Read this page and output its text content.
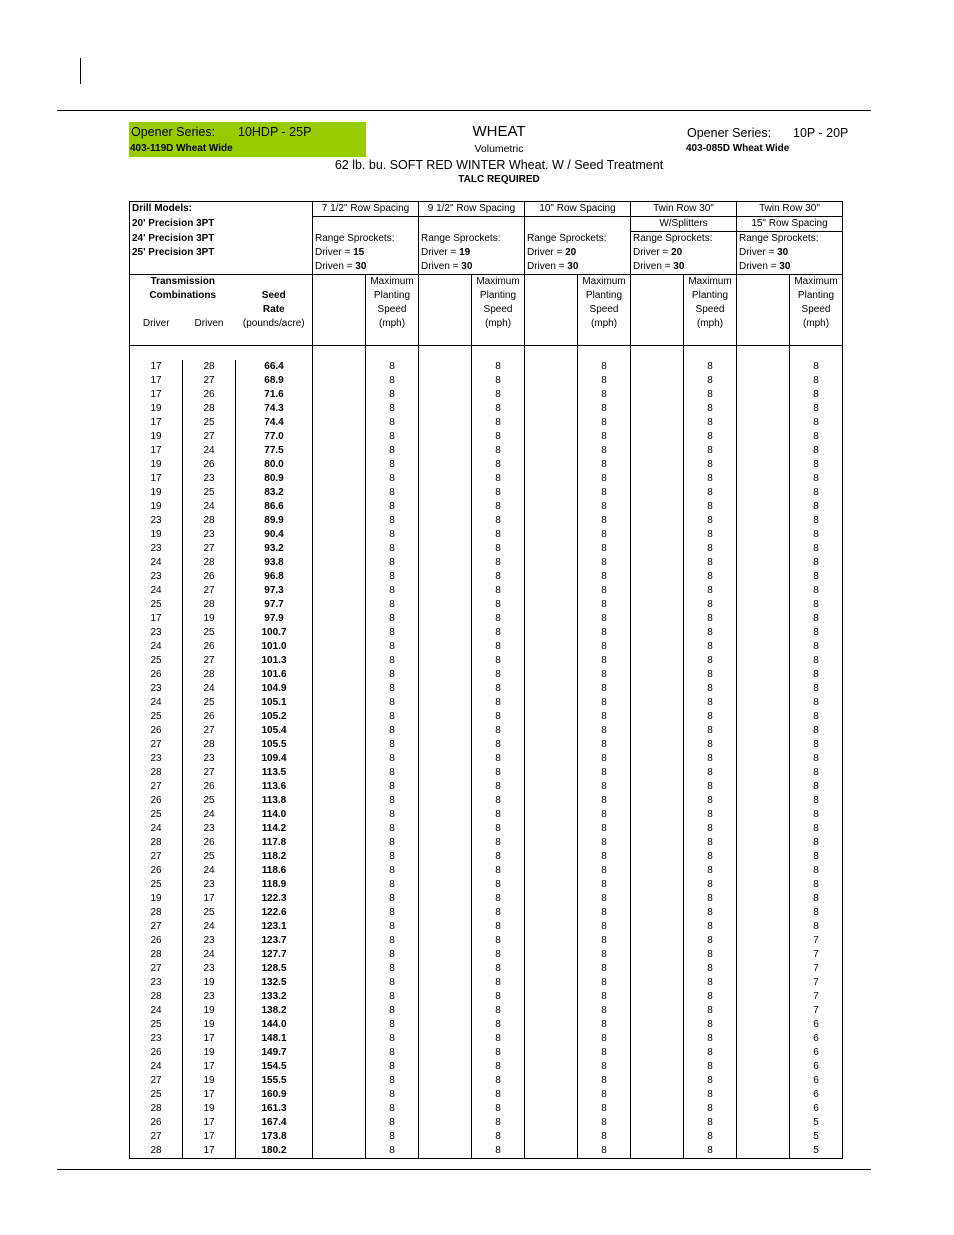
Opener Series: 10HDP - 25P
403-119D Wheat Wide
WHEAT
Volumetric
62 lb. bu. SOFT RED WINTER Wheat. W / Seed Treatment
TALC REQUIRED
Opener Series: 10P - 20P
403-085D Wheat Wide
Drill Models:			7 1/2" Row Spacing		9 1/2" Row Spacing		10" Row Spacing		Twin Row 30"		Twin Row 30"	
20' Precision 3PT									W/Splitters		15" Row Spacing	
24' Precision 3PT			Range Sprockets:		Range Sprockets:		Range Sprockets:		Range Sprockets:		Range Sprockets:	
25' Precision 3PT			Driver = 15		Driver = 19		Driver = 20		Driver = 20		Driver = 30	
			Driven = 30		Driven = 30		Driven = 30		Driven = 30		Driven = 30	
Transmission				Maximum		Maximum		Maximum		Maximum		Maximum
Combinations		Seed		Planting		Planting		Planting		Planting		Planting
		Rate		Speed		Speed		Speed		Speed		Speed
Driver	Driven	(pounds/acre)		(mph)		(mph)		(mph)		(mph)		(mph)

17	28	66.4		8		8		8		8		8
17	27	68.9		8		8		8		8		8
17	26	71.6		8		8		8		8		8
19	28	74.3		8		8		8		8		8
17	25	74.4		8		8		8		8		8
19	27	77.0		8		8		8		8		8
17	24	77.5		8		8		8		8		8
19	26	80.0		8		8		8		8		8
17	23	80.9		8		8		8		8		8
19	25	83.2		8		8		8		8		8
19	24	86.6		8		8		8		8		8
23	28	89.9		8		8		8		8		8
19	23	90.4		8		8		8		8		8
23	27	93.2		8		8		8		8		8
24	28	93.8		8		8		8		8		8
23	26	96.8		8		8		8		8		8
24	27	97.3		8		8		8		8		8
25	28	97.7		8		8		8		8		8
17	19	97.9		8		8		8		8		8
23	25	100.7		8		8		8		8		8
24	26	101.0		8		8		8		8		8
25	27	101.3		8		8		8		8		8
26	28	101.6		8		8		8		8		8
23	24	104.9		8		8		8		8		8
24	25	105.1		8		8		8		8		8
25	26	105.2		8		8		8		8		8
26	27	105.4		8		8		8		8		8
27	28	105.5		8		8		8		8		8
23	23	109.4		8		8		8		8		8
28	27	113.5		8		8		8		8		8
27	26	113.6		8		8		8		8		8
26	25	113.8		8		8		8		8		8
25	24	114.0		8		8		8		8		8
24	23	114.2		8		8		8		8		8
28	26	117.8		8		8		8		8		8
27	25	118.2		8		8		8		8		8
26	24	118.6		8		8		8		8		8
25	23	118.9		8		8		8		8		8
19	17	122.3		8		8		8		8		8
28	25	122.6		8		8		8		8		8
27	24	123.1		8		8		8		8		8
26	23	123.7		8		8		8		8		7
28	24	127.7		8		8		8		8		7
27	23	128.5		8		8		8		8		7
23	19	132.5		8		8		8		8		7
28	23	133.2		8		8		8		8		7
24	19	138.2		8		8		8		8		7
25	19	144.0		8		8		8		8		6
23	17	148.1		8		8		8		8		6
26	19	149.7		8		8		8		8		6
24	17	154.5		8		8		8		8		6
27	19	155.5		8		8		8		8		6
25	17	160.9		8		8		8		8		6
28	19	161.3		8		8		8		8		6
26	17	167.4		8		8		8		8		5
27	17	173.8		8		8		8		8		5
28	17	180.2		8		8		8		8		5
